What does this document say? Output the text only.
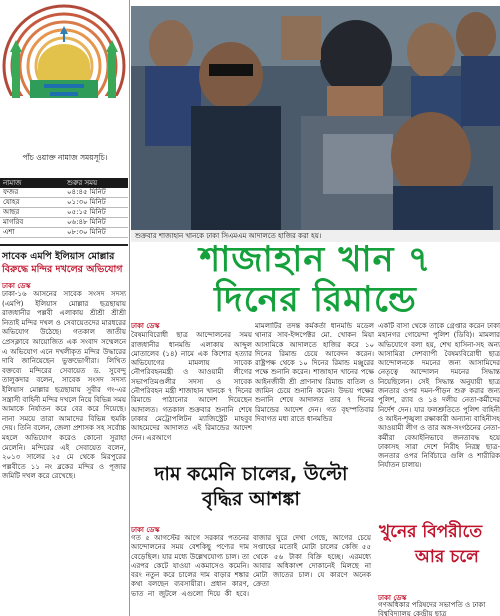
পাঁচ ওয়াক্ত নামাজ সময়সূচি।
নামাজ	শুরুর সময়
ফজর	০৪:৪৫ মিনিট
যোহর	০১:৩০ মিনিট
আছর	০৫:১৫ মিনিট
মাগরিব	০৬:৪৮ মিনিট
এশা	০৮:৩০ মিনিট
সাবেক এমপি ইলিয়াস মোল্লার
বিরুদ্ধে মন্দির দখলের অভিযোগ
ঢাকা ডেস্ক
ঢাকা-১৬ আসনের সাবেক সংসদ সদস্য (এমপি) ইলিয়াস মোল্লার ছত্রছায়ায় রাজধানীর পল্লবী এলাকায় শ্রীশ্রী শ্রীশ্রী নিতাই মন্দির দখল ও সেবায়েতদের মারধরের অভিযোগ উঠেছে। গতকাল জাতীয় প্রেসক্লাবে আয়োজিত এক সংবাদ সম্মেলনে এ অভিযোগ এনে দখলীকৃত মন্দির উদ্ধারের দাবি জানিয়েছেন ভুক্তভোগীরা। লিখিত বক্তব্যে মন্দিরের সেবায়েত ড. সুবেন্দু তালুকদার বলেন, সাবেক সংসদ সদস্য ইলিয়াস মোল্লার ছত্রছায়ায় সুবীর গং-এর সন্ত্রাসী বাহিনী মন্দির দখলে নিয়ে বিভিন্ন সময় আমাকে নির্যাতন করে বের করে দিয়েছে। নানা সময়ে তারা আমাদের বিভিন্ন হুমকি দেয়। তিনি বলেন, জেলা প্রশাসক সহ সর্বোচ্চ মহলে অভিযোগ করেও কোনো সুরাহা মেলেনি। মন্দিরের এই সেবায়েত বলেন, ২০১৩ সালের ২৫ মে থেকে মিরপুরের পল্লবীতে ১১ নং ব্লকের মন্দির ও পূজার জমিটি দখল করে রেখেছে।
শুক্রবার শাজাহান খানকে ঢাকা সিএমএম আদালতে হাজির করা হয়।
শাজাহান খান ৭
দিনের রিমান্ডে
ঢাকা ডেস্ক
বৈষম্যবিরোধী ছাত্র আন্দোলনের সময় রাজধানীর ধানমন্ডি এলাকায় আব্দুল মোতালেব (১৪) নামে এক কিশোর হত্যার অভিযোগের মামলায় সাবেক নৌপরিবহনমন্ত্রী ও আওয়ামী লীগের সভাপতিমণ্ডলীর সদস্য ও সাবেক নৌপরিবহন মন্ত্রী শাজাহান খানকে ৭ দিনের রিমান্ডে পাঠানোর আদেশ দিয়েছেন আদালত। গতকাল শুক্রবার শুনানি শেষে ঢাকার মেট্রোপলিটন ম্যাজিস্ট্রেট মাহবুব আহমেদের আদালত এই রিমান্ডের আদেশ দেন। এরআগে
মামলাটির তদন্ত কর্মকর্তা ধানমন্ডি মডেল থানার সাব-ইন্সপেক্টর মো. খোকন মিয়া আসামিকে আদালতে হাজির করে ১০ দিনের রিমান্ড চেয়ে আবেদন করেন। রাষ্ট্রপক্ষ থেকে ১০ দিনের রিমান্ড মঞ্জুরের পক্ষে শুনানি করেন। শাজাহান খানের পক্ষে আইনজীবী শ্রী প্রাণনাথ রিমান্ড বাতিল ও জামিন চেয়ে শুনানি করেন। উভয় পক্ষের শুনানি শেষে আদালত তার ৭ দিনের রিমান্ডের আদেশ দেন। গত বৃহস্পতিবার দিবাগত মধ্য রাতে ধানমন্ডির
একটি বাসা থেকে তাকে গ্রেপ্তার করেন ঢাকা মহানগর গোয়েন্দা পুলিশ (ডিবি)। মামলার অভিযোগে বলা হয়, শেখ হাসিনা-সহ অন্য আসামিরা দেশব্যাপী বৈষম্যবিরোধী ছাত্র আন্দোলনকে দমনের জন্য আসামিদের নেতৃত্বে আন্দোলন দমনের সিদ্ধান্ত নিয়েছিলেন। সেই সিদ্ধান্ত অনুযায়ী ছাত্র জনতার ওপর দমন-পীড়ন শুরু করার জন্য পুলিশ, র‌্যাব ও ১৪ দলীয় নেতা-কর্মীদের নির্দেশ দেন। যার ফলশ্রুতিতে পুলিশ বাহিনী ও আইন-শৃঙ্খলা রক্ষাকারী অন্যান্য বাহিনীসহ আওয়ামী লীগ ও তার অঙ্গ-সংগঠনের নেতা-কর্মীরা বেআইনিভাবে জনতাবদ্ধ হয়ে ঢাকাসহ সারা দেশে নিরীহ নিরস্ত্র ছাত্র-জনতার ওপর নির্বিচারে গুলি ও শারীরিক নির্যাতন চালায়।
দাম কমেনি চালের, উল্টো
বৃদ্ধির আশঙ্কা
ঢাকা ডেস্ক
গত ৫ আগস্টের আগে সরকার পতনের আন্দোলনের সময় বেশকিছু পণ্যের দাম বেড়েছিল। যার মধ্যে উল্লেখযোগ্য চাল। তা এরপর কেটে যাওয়া একমাসেও কমেনি। বরং নতুন করে চালের দাম বাড়ার শঙ্কার কথা বলছেন ব্যবসায়ীরা। প্রধান কারণ, ভাত না জুটলে এগুলো দিয়ে কী হবে। বাজার ঘুরে দেখা গেছে, আগের চেয়ে সপ্তাহের মতোই মোটা চালের কেজি ৫৫ থেকে ৫৬ টাকা বিক্রি হচ্ছে। এরমধ্যে আবার অধিকাংশ দোকানেই মিলছে না মোটা জাতের চাল। যে কারণে অনেক ক্রেতা
খুনের বিপরীতে
আর চলে
ঢাকা ডেস্ক
গণঅধিকার পরিষদের সভাপতি ও ঢাকা বিশ্ববিদ্যালয় কেন্দ্রীয় ছাত্র
